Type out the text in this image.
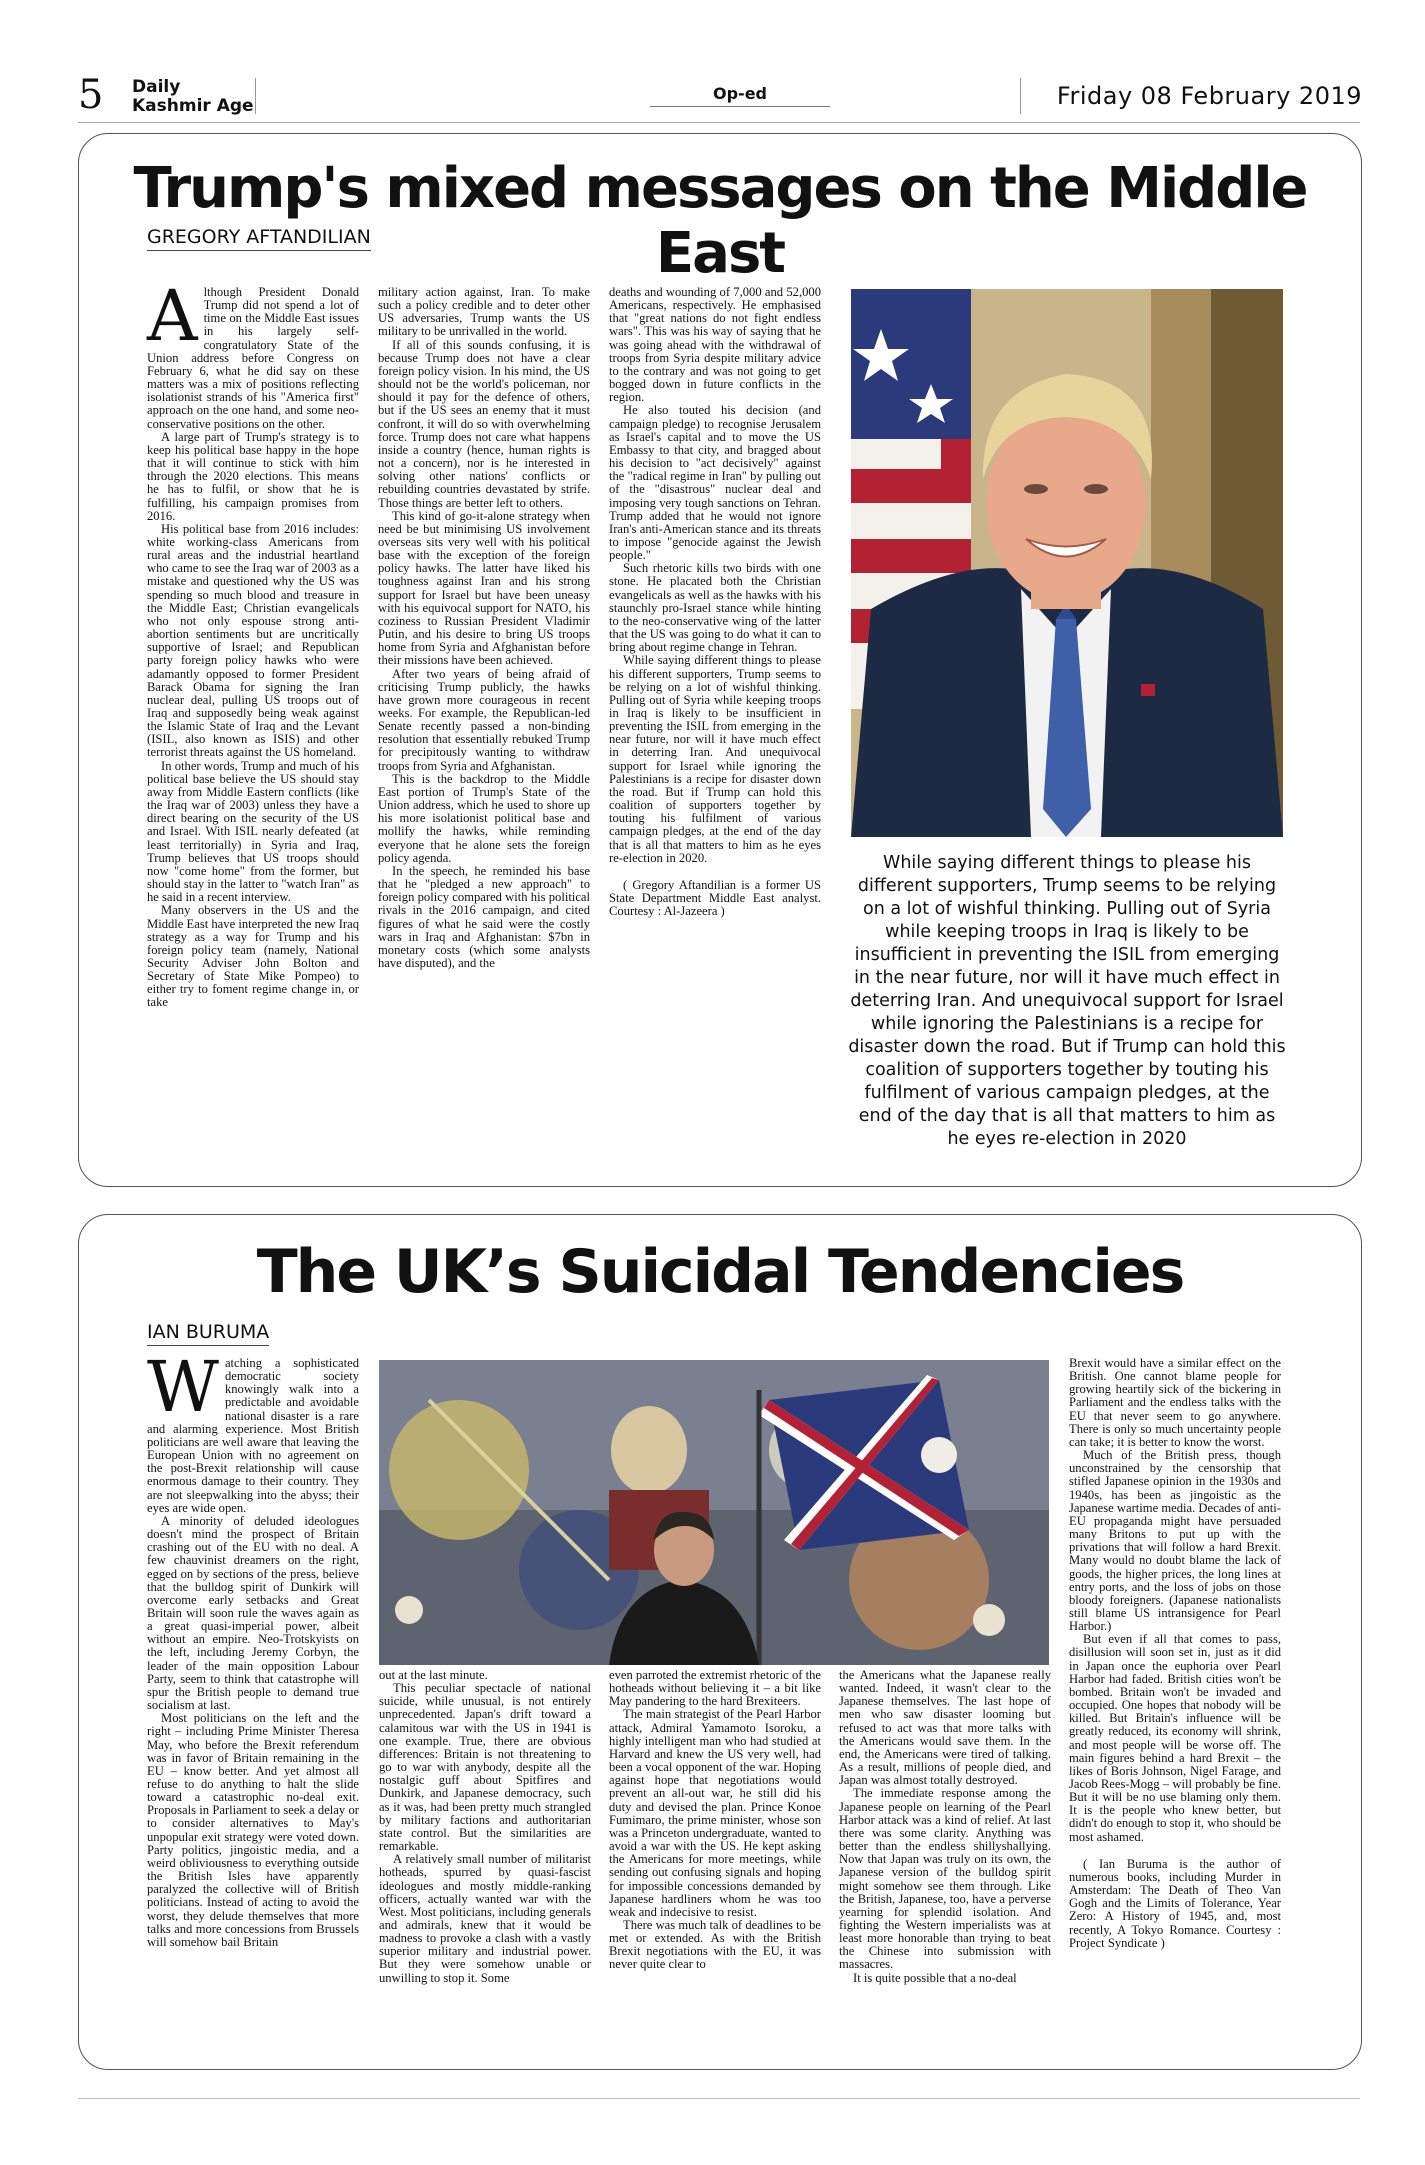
5 Daily
Kashmir Age
Op-ed	Friday 08 February 2019
Trump's mixed messages on the Middle East
GREGORY AFTANDILIAN
A lthough President Donald Trump did not spend a lot of time on the Middle East issues in his largely self-congratulatory State of the Union address before Congress on February 6, what he did say on these matters was a mix of positions reflecting isolationist strands of his "America first" approach on the one hand, and some neo-conservative positions on the other.

A large part of Trump's strategy is to keep his political base happy in the hope that it will continue to stick with him through the 2020 elections. This means he has to fulfil, or show that he is fulfilling, his campaign promises from 2016.

His political base from 2016 includes: white working-class Americans from rural areas and the industrial heartland who came to see the Iraq war of 2003 as a mistake and questioned why the US was spending so much blood and treasure in the Middle East; Christian evangelicals who not only espouse strong anti-abortion sentiments but are uncritically supportive of Israel; and Republican party foreign policy hawks who were adamantly opposed to former President Barack Obama for signing the Iran nuclear deal, pulling US troops out of Iraq and supposedly being weak against the Islamic State of Iraq and the Levant (ISIL, also known as ISIS) and other terrorist threats against the US homeland.

In other words, Trump and much of his political base believe the US should stay away from Middle Eastern conflicts (like the Iraq war of 2003) unless they have a direct bearing on the security of the US and Israel. With ISIL nearly defeated (at least territorially) in Syria and Iraq, Trump believes that US troops should now "come home" from the former, but should stay in the latter to "watch Iran" as he said in a recent interview.

Many observers in the US and the Middle East have interpreted the new Iraq strategy as a way for Trump and his foreign policy team (namely, National Security Adviser John Bolton and Secretary of State Mike Pompeo) to either try to foment regime change in, or take

military action against, Iran. To make such a policy credible and to deter other US adversaries, Trump wants the US military to be unrivalled in the world.

If all of this sounds confusing, it is because Trump does not have a clear foreign policy vision. In his mind, the US should not be the world's policeman, nor should it pay for the defence of others, but if the US sees an enemy that it must confront, it will do so with overwhelming force. Trump does not care what happens inside a country (hence, human rights is not a concern), nor is he interested in solving other nations' conflicts or rebuilding countries devastated by strife. Those things are better left to others.

This kind of go-it-alone strategy when need be but minimising US involvement overseas sits very well with his political base with the exception of the foreign policy hawks. The latter have liked his toughness against Iran and his strong support for Israel but have been uneasy with his equivocal support for NATO, his coziness to Russian President Vladimir Putin, and his desire to bring US troops home from Syria and Afghanistan before their missions have been achieved.

After two years of being afraid of criticising Trump publicly, the hawks have grown more courageous in recent weeks. For example, the Republican-led Senate recently passed a non-binding resolution that essentially rebuked Trump for precipitously wanting to withdraw troops from Syria and Afghanistan.

This is the backdrop to the Middle East portion of Trump's State of the Union address, which he used to shore up his more isolationist political base and mollify the hawks, while reminding everyone that he alone sets the foreign policy agenda.

In the speech, he reminded his base that he "pledged a new approach" to foreign policy compared with his political rivals in the 2016 campaign, and cited figures of what he said were the costly wars in Iraq and Afghanistan: $7bn in monetary costs (which some analysts have disputed), and the

deaths and wounding of 7,000 and 52,000 Americans, respectively. He emphasised that "great nations do not fight endless wars". This was his way of saying that he was going ahead with the withdrawal of troops from Syria despite military advice to the contrary and was not going to get bogged down in future conflicts in the region.

He also touted his decision (and campaign pledge) to recognise Jerusalem as Israel's capital and to move the US Embassy to that city, and bragged about his decision to "act decisively" against the "radical regime in Iran" by pulling out of the "disastrous" nuclear deal and imposing very tough sanctions on Tehran. Trump added that he would not ignore Iran's anti-American stance and its threats to impose "genocide against the Jewish people."

Such rhetoric kills two birds with one stone. He placated both the Christian evangelicals as well as the hawks with his staunchly pro-Israel stance while hinting to the neo-conservative wing of the latter that the US was going to do what it can to bring about regime change in Tehran.

While saying different things to please his different supporters, Trump seems to be relying on a lot of wishful thinking. Pulling out of Syria while keeping troops in Iraq is likely to be insufficient in preventing the ISIL from emerging in the near future, nor will it have much effect in deterring Iran. And unequivocal support for Israel while ignoring the Palestinians is a recipe for disaster down the road. But if Trump can hold this coalition of supporters together by touting his fulfilment of various campaign pledges, at the end of the day that is all that matters to him as he eyes re-election in 2020.

( Gregory Aftandilian is a former US State Department Middle East analyst. Courtesy : Al-Jazeera )

While saying different things to please his different supporters, Trump seems to be relying on a lot of wishful thinking. Pulling out of Syria while keeping troops in Iraq is likely to be insufficient in preventing the ISIL from emerging in the near future, nor will it have much effect in deterring Iran. And unequivocal support for Israel while ignoring the Palestinians is a recipe for disaster down the road. But if Trump can hold this coalition of supporters together by touting his fulfilment of various campaign pledges, at the end of the day that is all that matters to him as he eyes re-election in 2020
The UK’s Suicidal Tendencies
IAN BURUMA
W atching a sophisticated democratic society knowingly walk into a predictable and avoidable national disaster is a rare and alarming experience. Most British politicians are well aware that leaving the European Union with no agreement on the post-Brexit relationship will cause enormous damage to their country. They are not sleepwalking into the abyss; their eyes are wide open.

A minority of deluded ideologues doesn't mind the prospect of Britain crashing out of the EU with no deal. A few chauvinist dreamers on the right, egged on by sections of the press, believe that the bulldog spirit of Dunkirk will overcome early setbacks and Great Britain will soon rule the waves again as a great quasi-imperial power, albeit without an empire. Neo-Trotskyists on the left, including Jeremy Corbyn, the leader of the main opposition Labour Party, seem to think that catastrophe will spur the British people to demand true socialism at last.

Most politicians on the left and the right – including Prime Minister Theresa May, who before the Brexit referendum was in favor of Britain remaining in the EU – know better. And yet almost all refuse to do anything to halt the slide toward a catastrophic no-deal exit. Proposals in Parliament to seek a delay or to consider alternatives to May's unpopular exit strategy were voted down. Party politics, jingoistic media, and a weird obliviousness to everything outside the British Isles have apparently paralyzed the collective will of British politicians. Instead of acting to avoid the worst, they delude themselves that more talks and more concessions from Brussels will somehow bail Britain

out at the last minute.

This peculiar spectacle of national suicide, while unusual, is not entirely unprecedented. Japan's drift toward a calamitous war with the US in 1941 is one example. True, there are obvious differences: Britain is not threatening to go to war with anybody, despite all the nostalgic guff about Spitfires and Dunkirk, and Japanese democracy, such as it was, had been pretty much strangled by military factions and authoritarian state control. But the similarities are remarkable.

A relatively small number of militarist hotheads, spurred by quasi-fascist ideologues and mostly middle-ranking officers, actually wanted war with the West. Most politicians, including generals and admirals, knew that it would be madness to provoke a clash with a vastly superior military and industrial power. But they were somehow unable or unwilling to stop it. Some

even parroted the extremist rhetoric of the hotheads without believing it – a bit like May pandering to the hard Brexiteers.

The main strategist of the Pearl Harbor attack, Admiral Yamamoto Isoroku, a highly intelligent man who had studied at Harvard and knew the US very well, had been a vocal opponent of the war. Hoping against hope that negotiations would prevent an all-out war, he still did his duty and devised the plan. Prince Konoe Fumimaro, the prime minister, whose son was a Princeton undergraduate, wanted to avoid a war with the US. He kept asking the Americans for more meetings, while sending out confusing signals and hoping for impossible concessions demanded by Japanese hardliners whom he was too weak and indecisive to resist.

There was much talk of deadlines to be met or extended. As with the British Brexit negotiations with the EU, it was never quite clear to

the Americans what the Japanese really wanted. Indeed, it wasn't clear to the Japanese themselves. The last hope of men who saw disaster looming but refused to act was that more talks with the Americans would save them. In the end, the Americans were tired of talking. As a result, millions of people died, and Japan was almost totally destroyed.

The immediate response among the Japanese people on learning of the Pearl Harbor attack was a kind of relief. At last there was some clarity. Anything was better than the endless shillyshallying. Now that Japan was truly on its own, the Japanese version of the bulldog spirit might somehow see them through. Like the British, Japanese, too, have a perverse yearning for splendid isolation. And fighting the Western imperialists was at least more honorable than trying to beat the Chinese into submission with massacres.

It is quite possible that a no-deal

Brexit would have a similar effect on the British. One cannot blame people for growing heartily sick of the bickering in Parliament and the endless talks with the EU that never seem to go anywhere. There is only so much uncertainty people can take; it is better to know the worst.

Much of the British press, though unconstrained by the censorship that stifled Japanese opinion in the 1930s and 1940s, has been as jingoistic as the Japanese wartime media. Decades of anti-EU propaganda might have persuaded many Britons to put up with the privations that will follow a hard Brexit. Many would no doubt blame the lack of goods, the higher prices, the long lines at entry ports, and the loss of jobs on those bloody foreigners. (Japanese nationalists still blame US intransigence for Pearl Harbor.)

But even if all that comes to pass, disillusion will soon set in, just as it did in Japan once the euphoria over Pearl Harbor had faded. British cities won't be bombed. Britain won't be invaded and occupied. One hopes that nobody will be killed. But Britain's influence will be greatly reduced, its economy will shrink, and most people will be worse off. The main figures behind a hard Brexit – the likes of Boris Johnson, Nigel Farage, and Jacob Rees-Mogg – will probably be fine. But it will be no use blaming only them. It is the people who knew better, but didn't do enough to stop it, who should be most ashamed.

( Ian Buruma is the author of numerous books, including Murder in Amsterdam: The Death of Theo Van Gogh and the Limits of Tolerance, Year Zero: A History of 1945, and, most recently, A Tokyo Romance. Courtesy : Project Syndicate )
